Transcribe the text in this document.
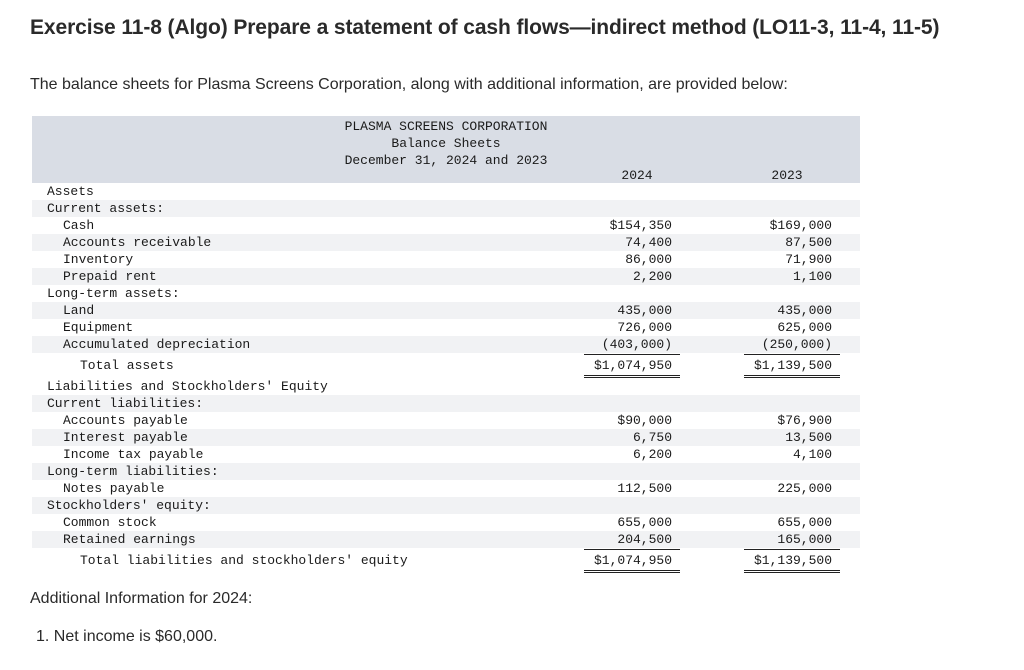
Exercise 11-8 (Algo) Prepare a statement of cash flows—indirect method (LO11-3, 11-4, 11-5)
The balance sheets for Plasma Screens Corporation, along with additional information, are provided below:
PLASMA SCREENS CORPORATION
Balance Sheets
December 31, 2024 and 2023
2024	2023
Assets
Current assets:
Cash	$154,350	$169,000
Accounts receivable	74,400	87,500
Inventory	86,000	71,900
Prepaid rent	2,200	1,100
Long-term assets:
Land	435,000	435,000
Equipment	726,000	625,000
Accumulated depreciation	(403,000)	(250,000)
Total assets	$1,074,950	$1,139,500
Liabilities and Stockholders' Equity
Current liabilities:
Accounts payable	$90,000	$76,900
Interest payable	6,750	13,500
Income tax payable	6,200	4,100
Long-term liabilities:
Notes payable	112,500	225,000
Stockholders' equity:
Common stock	655,000	655,000
Retained earnings	204,500	165,000
Total liabilities and stockholders' equity	$1,074,950	$1,139,500
Additional Information for 2024:
1. Net income is $60,000.
